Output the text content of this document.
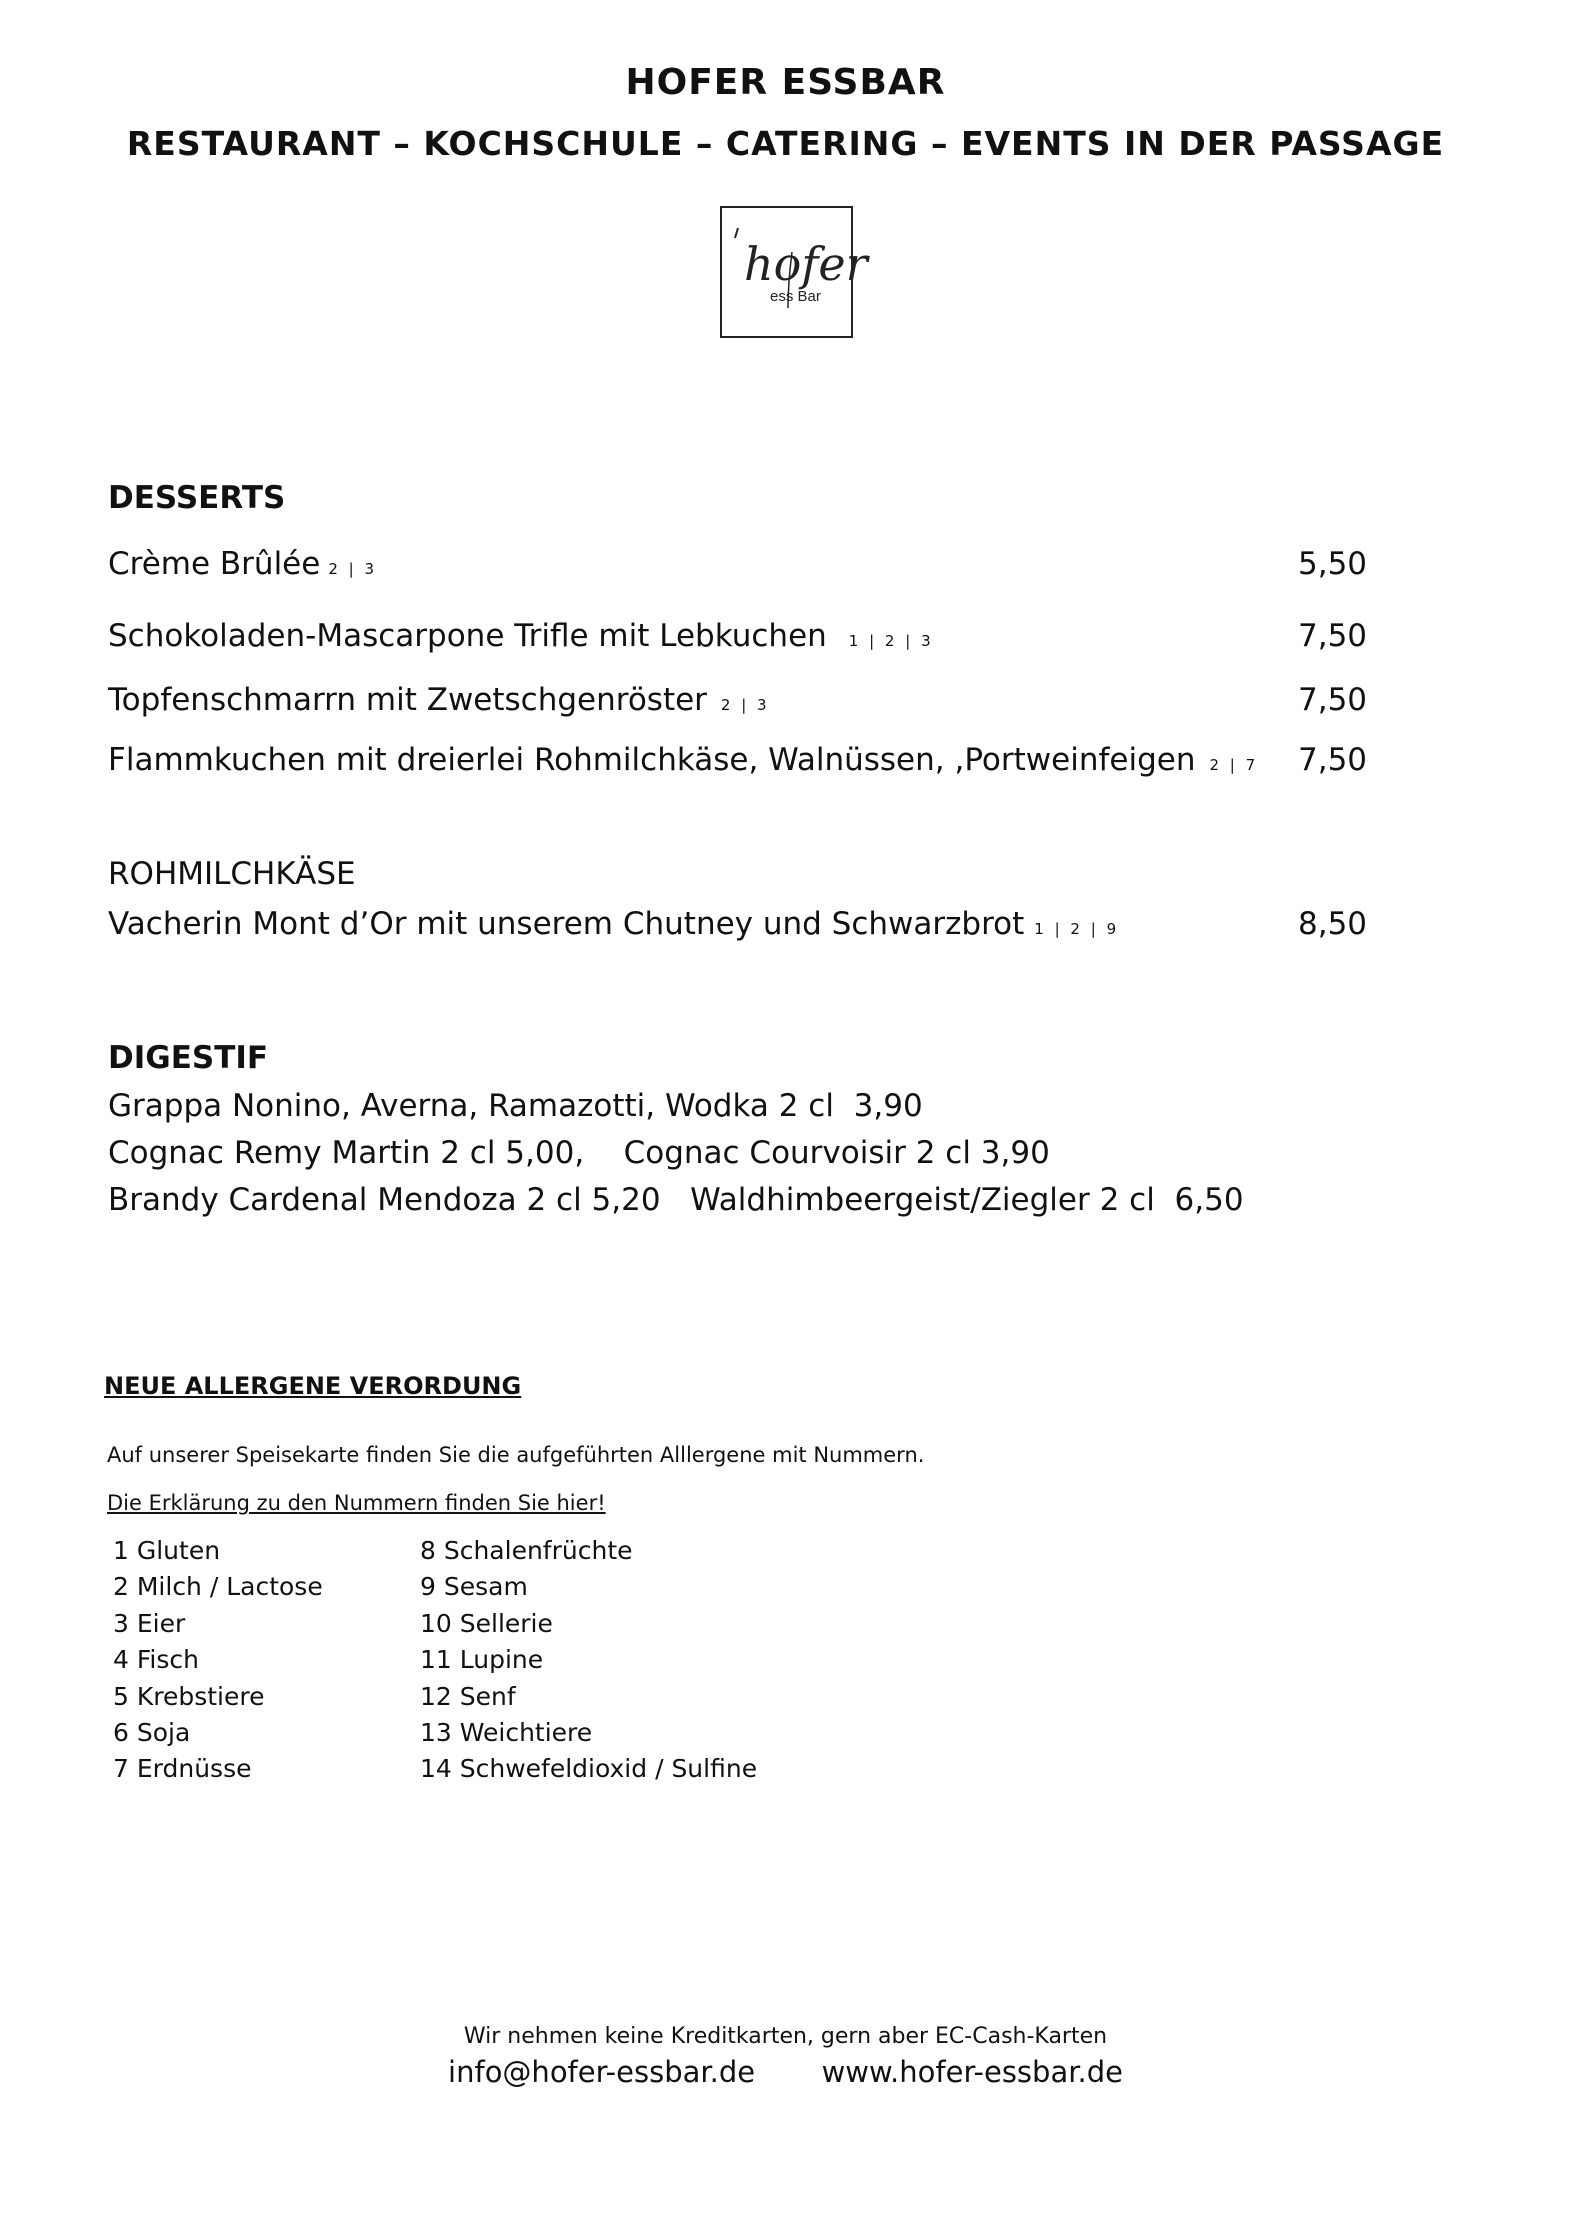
HOFER ESSBAR
RESTAURANT – KOCHSCHULE – CATERING – EVENTS IN DER PASSAGE
hofer
ess Bar
DESSERTS
Crème Brûlée 2 | 3	5,50
Schokoladen-Mascarpone Trifle mit Lebkuchen 1 | 2 | 3	7,50
Topfenschmarrn mit Zwetschgenröster 2 | 3	7,50
Flammkuchen mit dreierlei Rohmilchkäse, Walnüssen, ,Portweinfeigen 2 | 7 7,50
ROHMILCHKÄSE
Vacherin Mont d’Or mit unserem Chutney und Schwarzbrot 1 | 2 | 9	8,50
DIGESTIF
Grappa Nonino, Averna, Ramazotti, Wodka 2 cl  3,90
Cognac Remy Martin 2 cl 5,00,    Cognac Courvoisir 2 cl 3,90
Brandy Cardenal Mendoza 2 cl 5,20   Waldhimbeergeist/Ziegler 2 cl  6,50
NEUE ALLERGENE VERORDUNG
Auf unserer Speisekarte finden Sie die aufgeführten Alllergene mit Nummern.
Die Erklärung zu den Nummern finden Sie hier!
1 Gluten
2 Milch / Lactose
3 Eier
4 Fisch
5 Krebstiere
6 Soja
7 Erdnüsse
8 Schalenfrüchte
9 Sesam
10 Sellerie
11 Lupine
12 Senf
13 Weichtiere
14 Schwefeldioxid / Sulfine
Wir nehmen keine Kreditkarten, gern aber EC-Cash-Karten
info@hofer-essbar.de www.hofer-essbar.de
